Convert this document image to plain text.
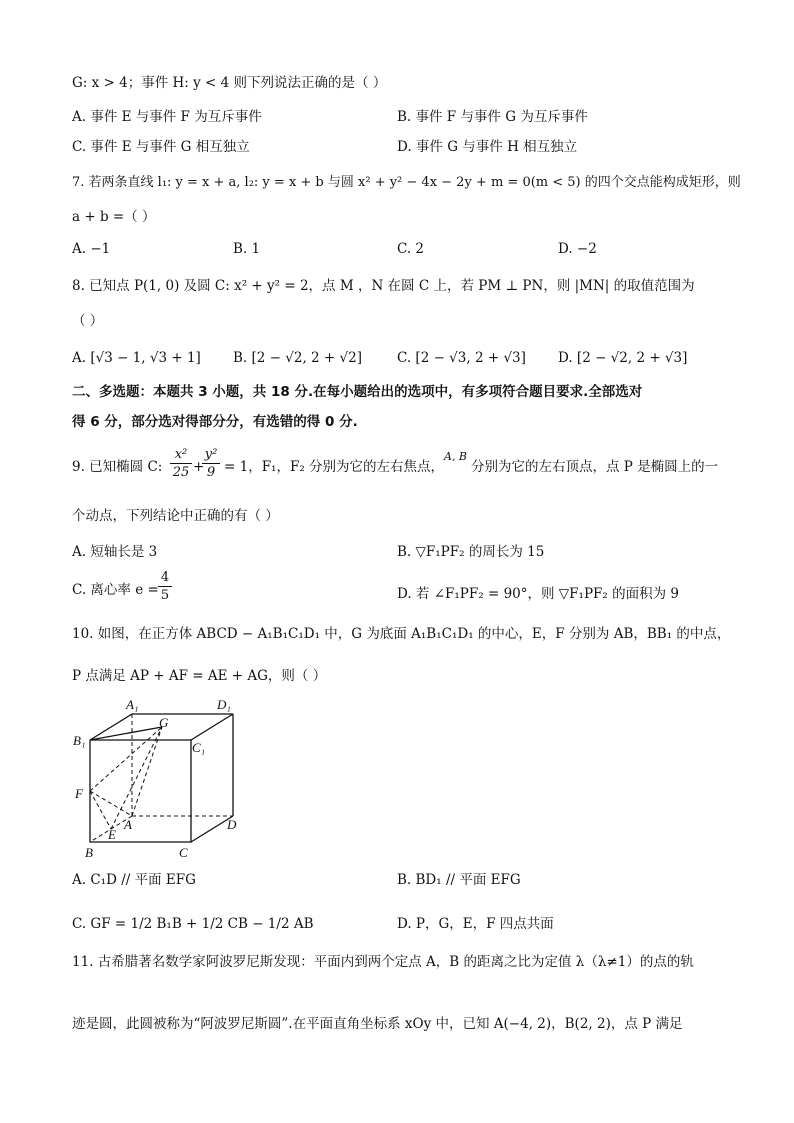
G: x > 4；事件 H: y < 4 则下列说法正确的是（ ）
A. 事件 E 与事件 F 为互斥事件	B. 事件 F 与事件 G 为互斥事件
C. 事件 E 与事件 G 相互独立	D. 事件 G 与事件 H 相互独立
7. 若两条直线 l₁: y = x + a, l₂: y = x + b 与圆 x² + y² − 4x − 2y + m = 0(m < 5) 的四个交点能构成矩形，则
a + b =（ ）
A. −1	B. 1	C. 2	D. −2
8. 已知点 P(1, 0) 及圆 C: x² + y² = 2，点 M ，N 在圆 C 上，若 PM ⊥ PN，则 |MN| 的取值范围为
（ ）
A. [√3 − 1, √3 + 1] B. [2 − √2, 2 + √2]	C. [2 − √3, 2 + √3] D. [2 − √2, 2 + √3]
二、多选题：本题共 3 小题，共 18 分.在每小题给出的选项中，有多项符合题目要求.全部选对
得 6 分，部分选对得部分分，有选错的得 0 分.
9. 已知椭圆 C: $\frac{\text{x²}}{25}$ +
$\frac{\text{y²}}{9} = 1$，F₁，F₂ 分别为它的左右焦点，
A, B
分别为它的左右顶点，点 P 是椭圆上的一
个动点，下列结论中正确的有（ ）
A. 短轴长是 3	B. ▽F₁PF₂ 的周长为 15
C. 离心率 $e = \frac{4}{5}$	D. 若 ∠F₁PF₂ = 90°，则 ▽F₁PF₂ 的面积为 9
10. 如图，在正方体 ABCD − A₁B₁C₁D₁ 中，G 为底面 A₁B₁C₁D₁ 的中心，E，F 分别为 AB，BB₁ 的中点，
P 点满足 AP + AF = AE + AG，则（ ）
A₁	D₁
G
B₁	C₁
F
A
E
D
B	C
A. C₁D // 平面 EFG	B. BD₁ // 平面 EFG
C. GF = 1/2 B₁B + 1/2 CB − 1/2 AB	D. P，G，E，F 四点共面
11. 古希腊著名数学家阿波罗尼斯发现：平面内到两个定点 A，B 的距离之比为定值 λ（λ≠1）的点的轨
迹是圆，此圆被称为“阿波罗尼斯圆”.在平面直角坐标系 xOy 中，已知 A(−4, 2)，B(2, 2)，点 P 满足
